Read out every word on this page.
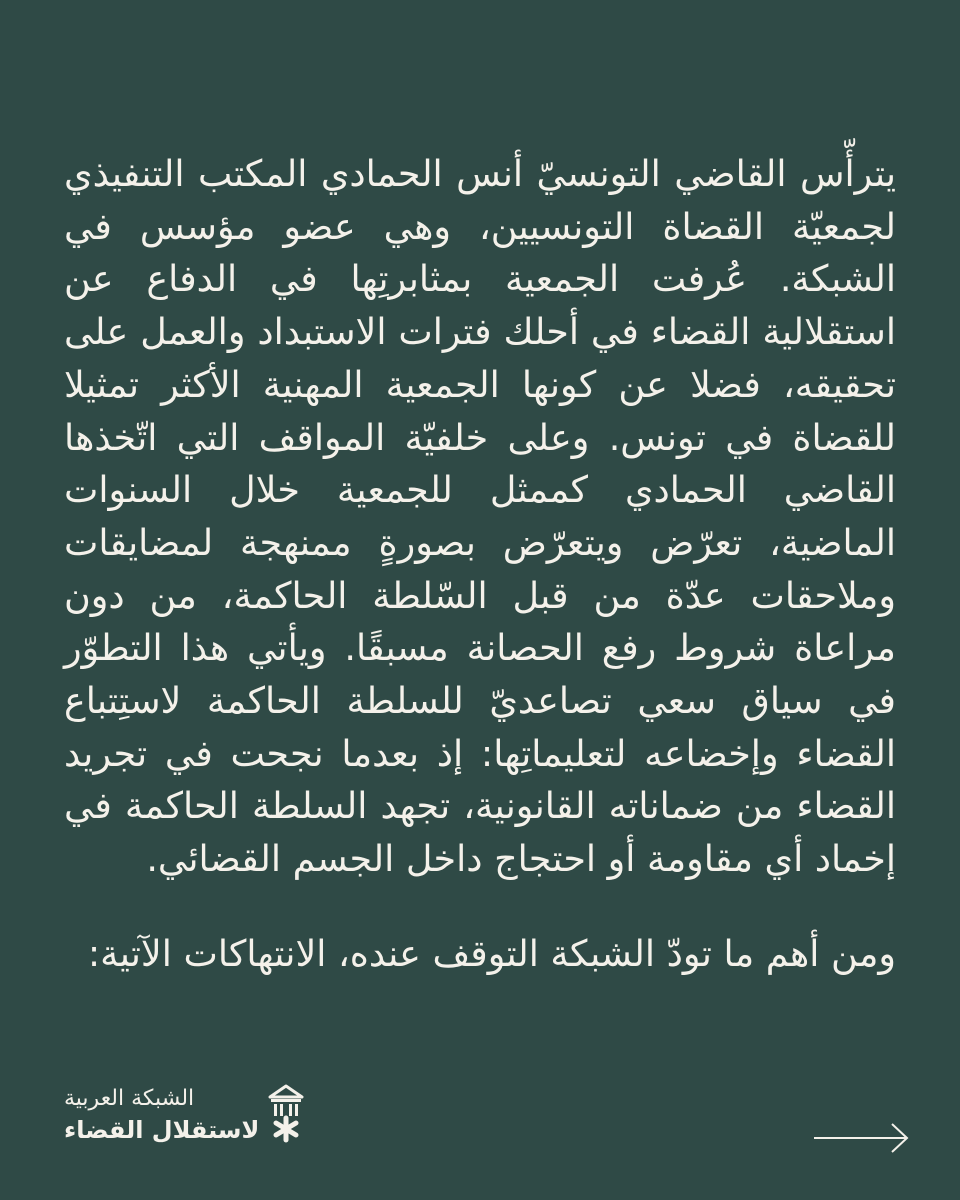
يترأّس القاضي التونسيّ أنس الحمادي المكتب التنفيذي لجمعيّة القضاة التونسيين، وهي عضو مؤسس في الشبكة. عُرفت الجمعية بمثابرتِها في الدفاع عن استقلالية القضاء في أحلك فترات الاستبداد والعمل على تحقيقه، فضلا عن كونها الجمعية المهنية الأكثر تمثيلا للقضاة في تونس. وعلى خلفيّة المواقف التي اتّخذها القاضي الحمادي كممثل للجمعية خلال السنوات الماضية، تعرّض ويتعرّض بصورةٍ ممنهجة لمضايقات وملاحقات عدّة من قبل السّلطة الحاكمة، من دون مراعاة شروط رفع الحصانة مسبقًا. ويأتي هذا التطوّر في سياق سعي تصاعديّ للسلطة الحاكمة لاستِتباع القضاء وإخضاعه لتعليماتِها: إذ بعدما نجحت في تجريد القضاء من ضماناته القانونية، تجهد السلطة الحاكمة في إخماد أي مقاومة أو احتجاج داخل الجسم القضائي.

ومن أهم ما تودّ الشبكة التوقف عنده، الانتهاكات الآتية:

الشبكة العربية
لاستقلال القضاء
